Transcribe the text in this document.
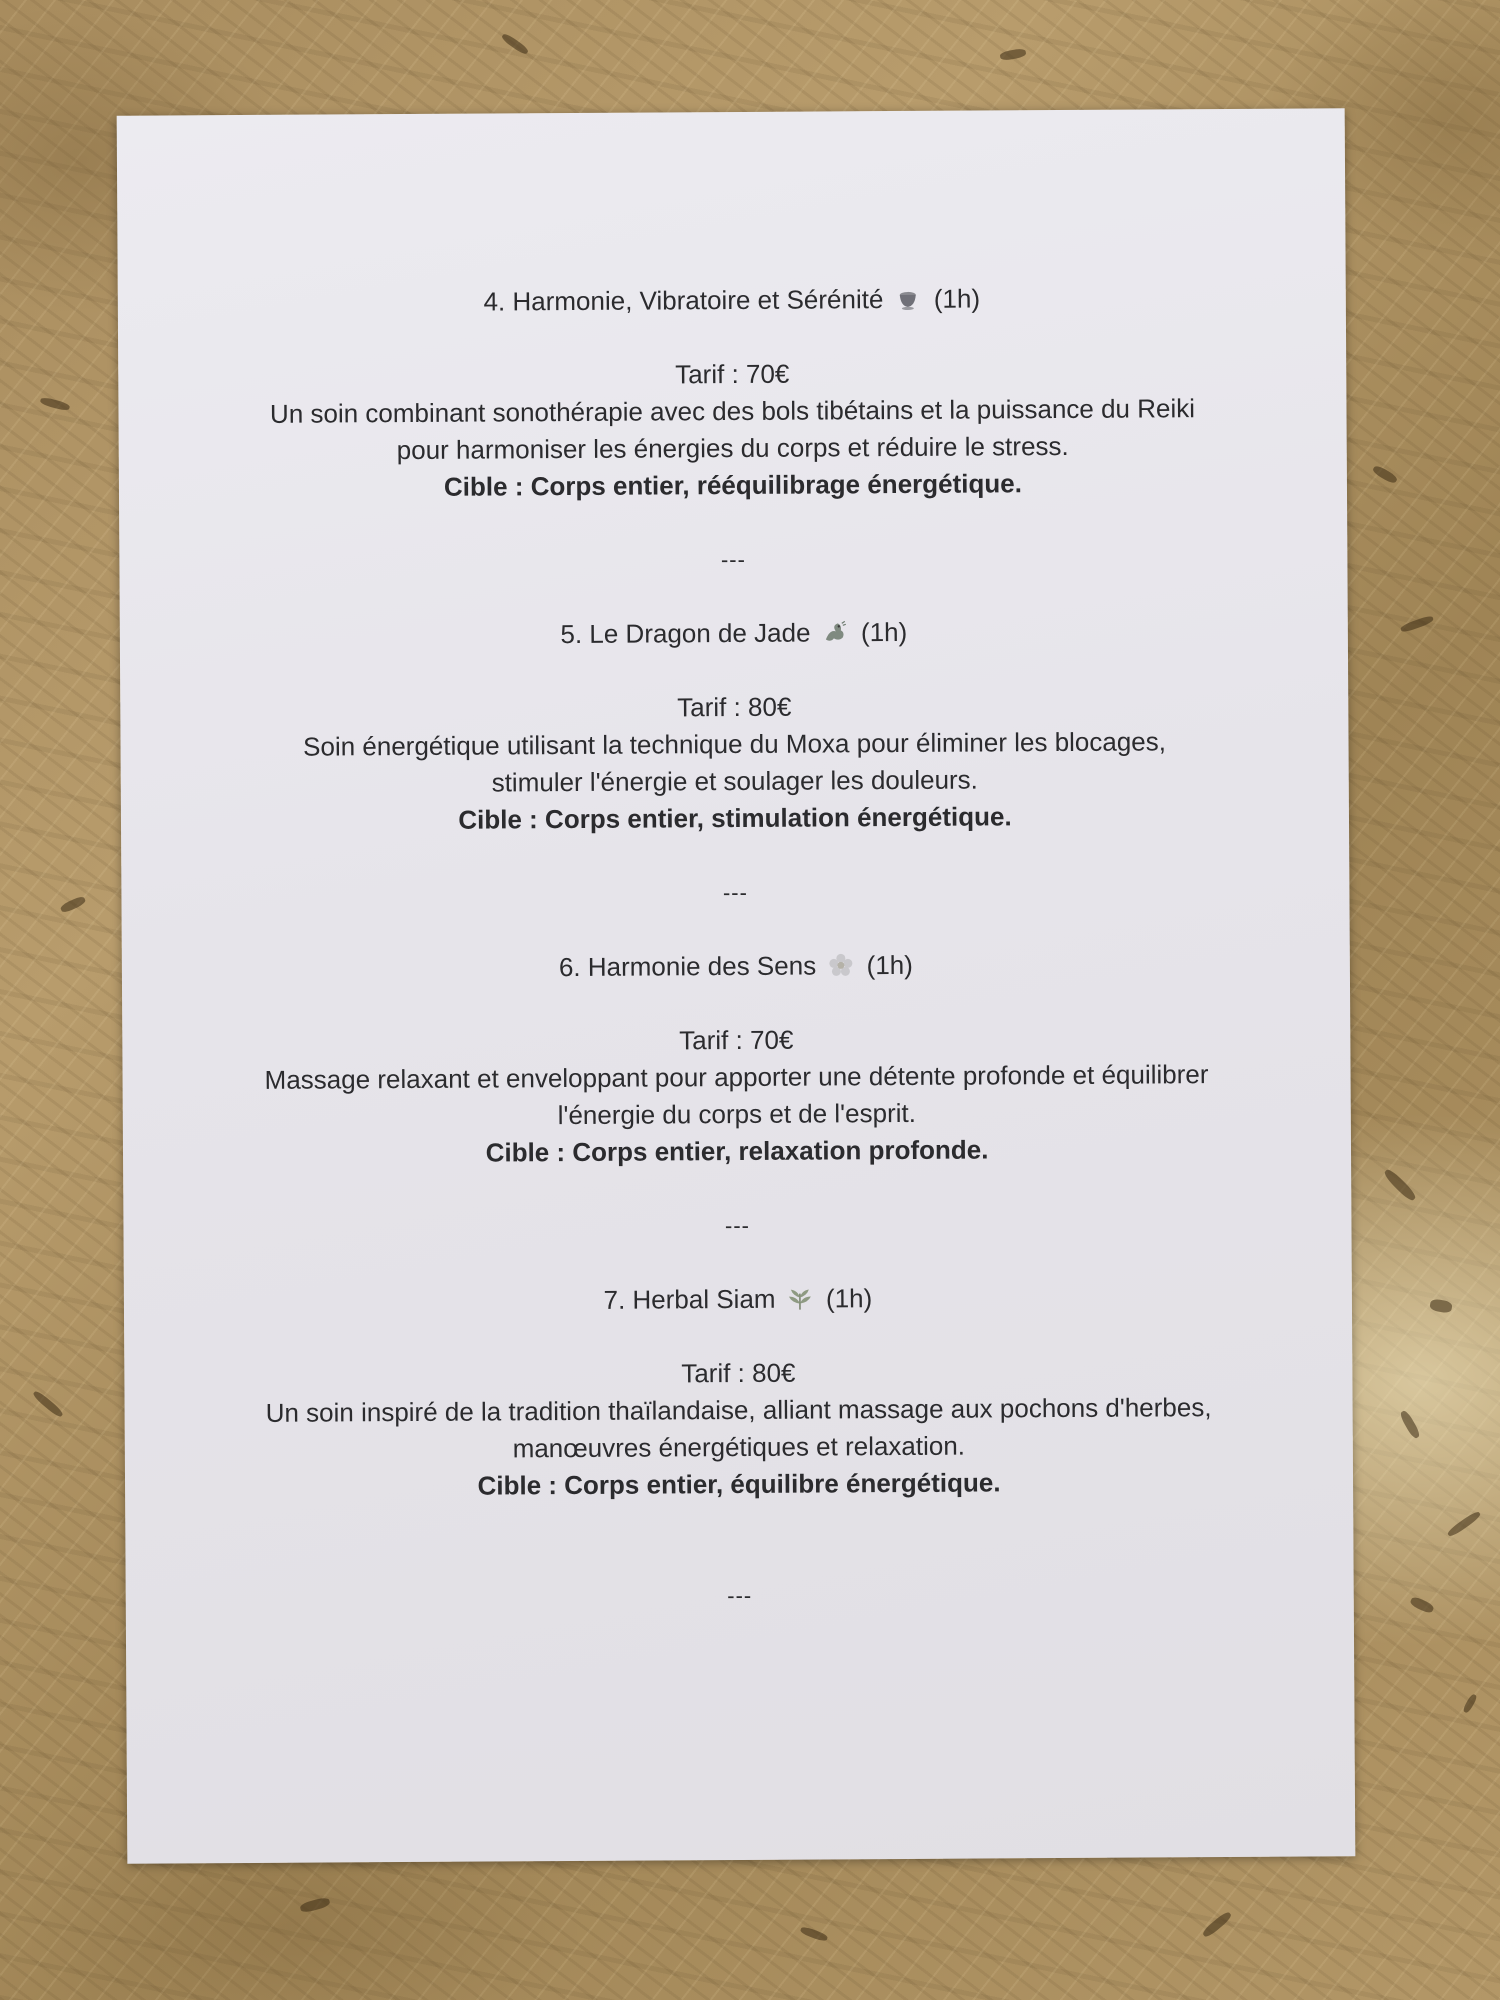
4. Harmonie, Vibratoire et Sérénité (1h)
Tarif : 70€
Un soin combinant sonothérapie avec des bols tibétains et la puissance du Reiki pour harmoniser les énergies du corps et réduire le stress.
Cible : Corps entier, rééquilibrage énergétique.
---
5. Le Dragon de Jade (1h)
Tarif : 80€
Soin énergétique utilisant la technique du Moxa pour éliminer les blocages, stimuler l'énergie et soulager les douleurs.
Cible : Corps entier, stimulation énergétique.
---
6. Harmonie des Sens (1h)
Tarif : 70€
Massage relaxant et enveloppant pour apporter une détente profonde et équilibrer l'énergie du corps et de l'esprit.
Cible : Corps entier, relaxation profonde.
---
7. Herbal Siam (1h)
Tarif : 80€
Un soin inspiré de la tradition thaïlandaise, alliant massage aux pochons d'herbes, manœuvres énergétiques et relaxation.
Cible : Corps entier, équilibre énergétique.
---
